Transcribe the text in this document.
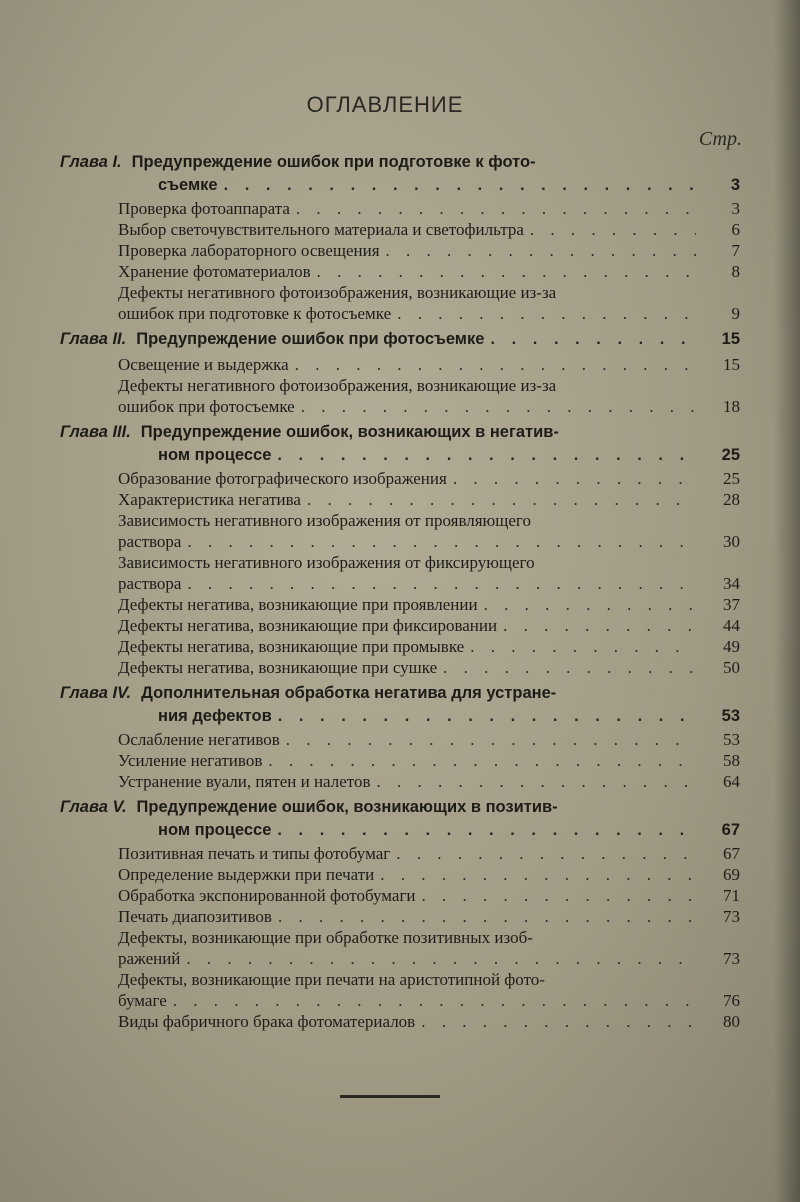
ОГЛАВЛЕНИЕ
Стр.
Глава I. Предупреждение ошибок при подготовке к фото-
съемке . . .	3
Проверка фотоаппарата . . .	3
Выбор светочувствительного материала и светофильтра . . .	6
Проверка лабораторного освещения . . .	7
Хранение фотоматериалов . . .	8
Дефекты негативного фотоизображения, возникающие из-за
ошибок при подготовке к фотосъемке . . .	9
Глава II. Предупреждение ошибок при фотосъемке . . .	15
Освещение и выдержка . . .	15
Дефекты негативного фотоизображения, возникающие из-за
ошибок при фотосъемке . . .	18
Глава III. Предупреждение ошибок, возникающих в негатив-
ном процессе . . .	25
Образование фотографического изображения . . .	25
Характеристика негатива . . .	28
Зависимость негативного изображения от проявляющего
раствора . . .	30
Зависимость негативного изображения от фиксирующего
раствора . . .	34
Дефекты негатива, возникающие при проявлении . . .	37
Дефекты негатива, возникающие при фиксировании . . .	44
Дефекты негатива, возникающие при промывке . . .	49
Дефекты негатива, возникающие при сушке . . .	50
Глава IV. Дополнительная обработка негатива для устране-
ния дефектов . . .	53
Ослабление негативов . . .	53
Усиление негативов . . .	58
Устранение вуали, пятен и налетов . . .	64
Глава V. Предупреждение ошибок, возникающих в позитив-
ном процессе . . .	67
Позитивная печать и типы фотобумаг . . .	67
Определение выдержки при печати . . .	69
Обработка экспонированной фотобумаги . . .	71
Печать диапозитивов . . .	73
Дефекты, возникающие при обработке позитивных изоб-
ражений . . .	73
Дефекты, возникающие при печати на аристотипной фото-
бумаге . . .	76
Виды фабричного брака фотоматериалов . . .	80
